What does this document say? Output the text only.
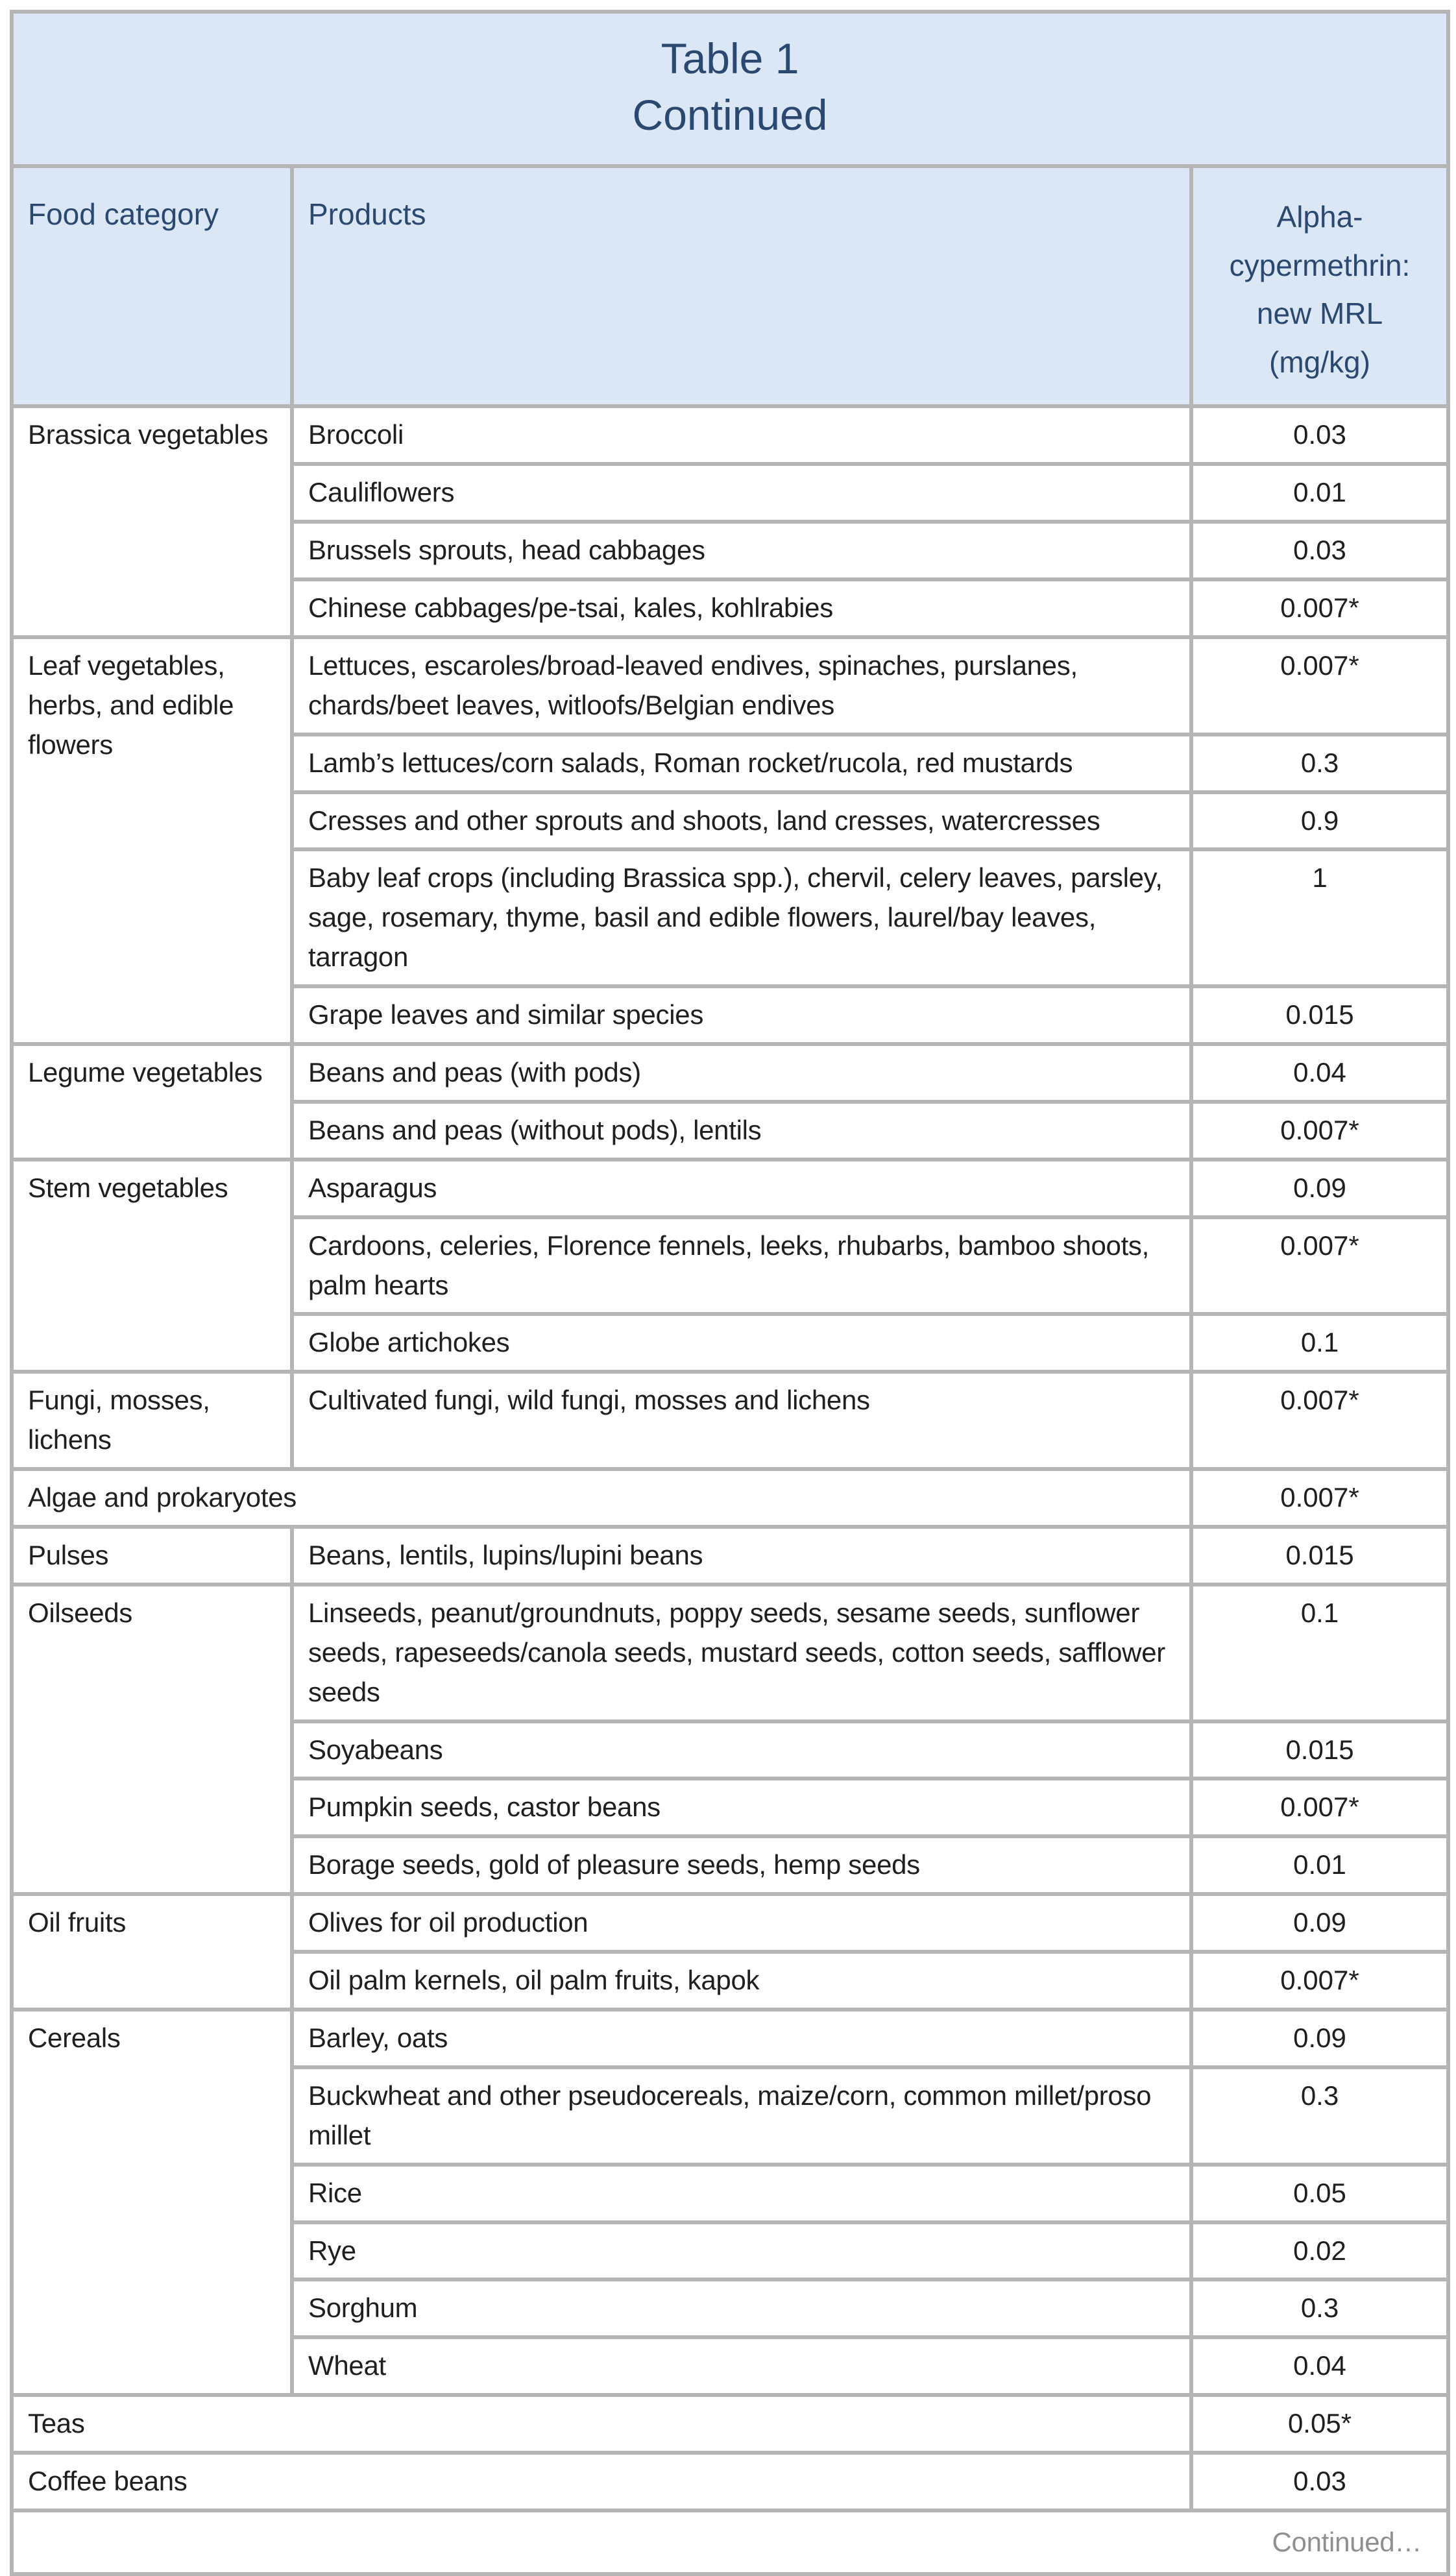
Table 1
Continued		

Food category	Products	Alpha-
cypermethrin:
new MRL
(mg/kg)

Brassica vegetables	Broccoli	0.03
	Cauliflowers	0.01
	Brussels sprouts, head cabbages	0.03
	Chinese cabbages/pe-tsai, kales, kohlrabies	0.007*
Leaf vegetables, herbs, and edible flowers	Lettuces, escaroles/broad-leaved endives, spinaches, purslanes, chards/beet leaves, witloofs/Belgian endives	0.007*
	Lamb’s lettuces/corn salads, Roman rocket/rucola, red mustards	0.3
	Cresses and other sprouts and shoots, land cresses, watercresses	0.9
	Baby leaf crops (including Brassica spp.), chervil, celery leaves, parsley, sage, rosemary, thyme, basil and edible flowers, laurel/bay leaves, tarragon	1
	Grape leaves and similar species	0.015
Legume vegetables	Beans and peas (with pods)	0.04
	Beans and peas (without pods), lentils	0.007*
Stem vegetables	Asparagus	0.09
	Cardoons, celeries, Florence fennels, leeks, rhubarbs, bamboo shoots, palm hearts	0.007*
	Globe artichokes	0.1
Fungi, mosses, lichens	Cultivated fungi, wild fungi, mosses and lichens	0.007*
Algae and prokaryotes		0.007*
Pulses	Beans, lentils, lupins/lupini beans	0.015
Oilseeds	Linseeds, peanut/groundnuts, poppy seeds, sesame seeds, sunflower seeds, rapeseeds/canola seeds, mustard seeds, cotton seeds, safflower seeds	0.1
	Soyabeans	0.015
	Pumpkin seeds, castor beans	0.007*
	Borage seeds, gold of pleasure seeds, hemp seeds	0.01
Oil fruits	Olives for oil production	0.09
	Oil palm kernels, oil palm fruits, kapok	0.007*
Cereals	Barley, oats	0.09
	Buckwheat and other pseudocereals, maize/corn, common millet/proso millet	0.3
	Rice	0.05
	Rye	0.02
	Sorghum	0.3
	Wheat	0.04
Teas		0.05*
Coffee beans		0.03
Continued…		
